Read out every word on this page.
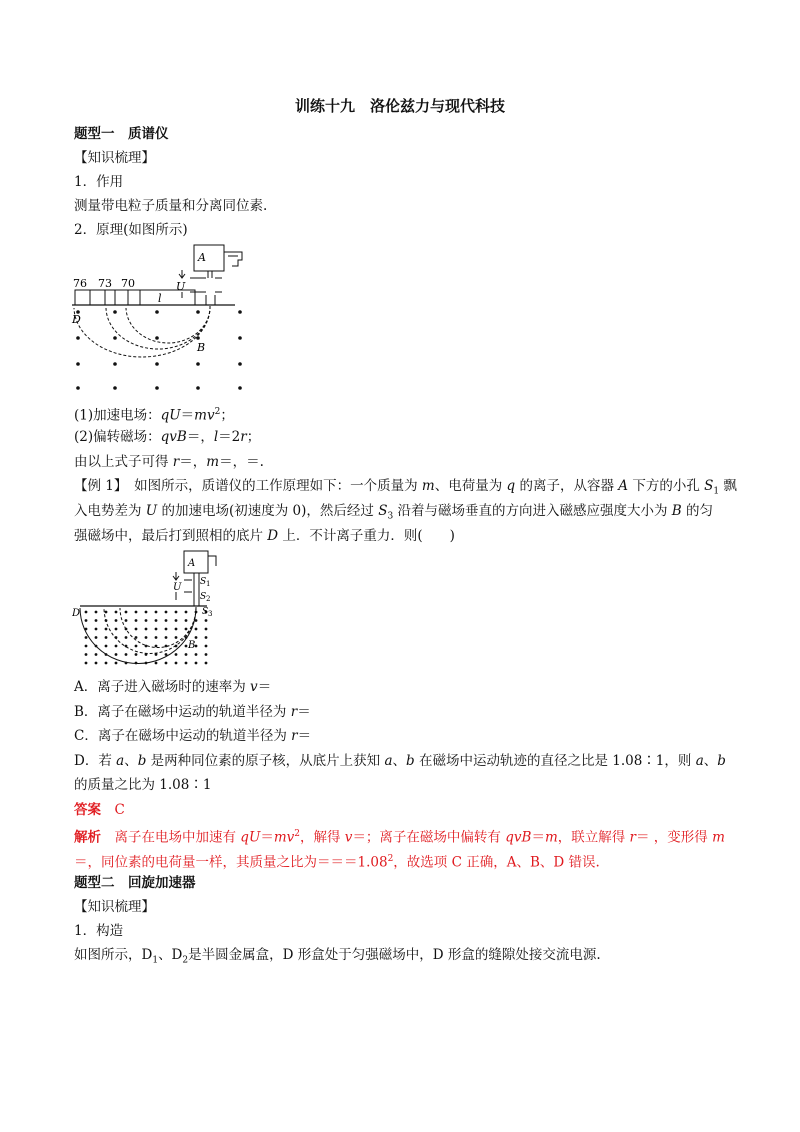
训练十九　洛伦兹力与现代科技
题型一　质谱仪
【知识梳理】
1．作用
测量带电粒子质量和分离同位素.
2．原理(如图所示)
76 73 70
A
U
l
D
B
(1)加速电场：$qU=mv^2$；
(2)偏转磁场：qvB＝，l＝2r；
由以上式子可得 r＝，m＝，＝.
【例 1】　如图所示，质谱仪的工作原理如下：一个质量为 m、电荷量为 q 的离子，从容器 A 下方的小孔 $S_1$ 飘
入电势差为 U 的加速电场(初速度为 0)，然后经过 $S_3$ 沿着与磁场垂直的方向进入磁感应强度大小为 B 的匀
强磁场中，最后打到照相的底片 D 上．不计离子重力．则(　　)
A
U S 1
S 2
S 3
D
B
A．离子进入磁场时的速率为 v＝
B．离子在磁场中运动的轨道半径为 r＝
C．离子在磁场中运动的轨道半径为 r＝
D．若 a、b 是两种同位素的原子核，从底片上获知 a、b 在磁场中运动轨迹的直径之比是 1.08∶1，则 a、b
的质量之比为 1.08∶1
答案　 C
解析　离子在电场中加速有 $qU=mv^2$，解得 v＝；离子在磁场中偏转有 qvB＝m，联立解得 r＝ ，变形得 m
＝，同位素的电荷量一样，其质量之比为$===1.08^2$，故选项 C 正确，A、B、D 错误.
题型二　回旋加速器
【知识梳理】
1．构造
如图所示，$D_1$、$D_2$是半圆金属盒，D 形盒处于匀强磁场中，D 形盒的缝隙处接交流电源.
